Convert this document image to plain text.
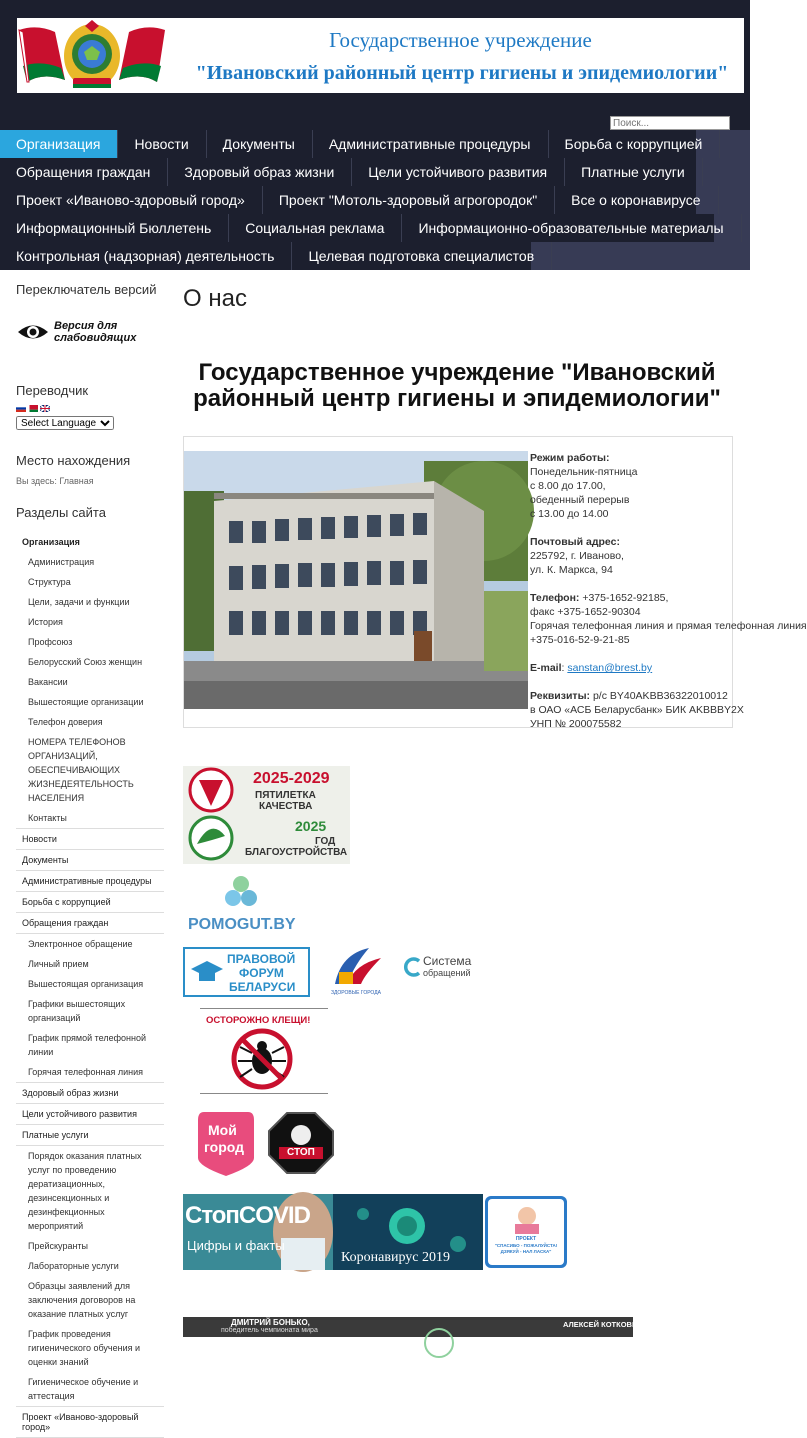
Государственное учреждение
"Ивановский районный центр гигиены и эпидемиологии"
Поиск...
Организация	Новости	Документы	Административные процедуры	Борьба с коррупцией
Обращения граждан	Здоровый образ жизни	Цели устойчивого развития	Платные услуги
Проект «Иваново-здоровый город»	Проект "Мотоль-здоровый агрогородок"	Все о коронавирусе
Информационный Бюллетень	Социальная реклама	Информационно-образовательные материалы
Контрольная (надзорная) деятельность	Целевая подготовка специалистов
Переключатель версий
Версия для слабовидящих
Переводчик
Select Language
Место нахождения
Вы здесь: Главная
Разделы сайта
Организация
Администрация
Структура
Цели, задачи и функции
История
Профсоюз
Белорусский Союз женщин
Вакансии
Вышестоящие организации
Телефон доверия
НОМЕРА ТЕЛЕФОНОВ ОРГАНИЗАЦИЙ, ОБЕСПЕЧИВАЮЩИХ ЖИЗНЕДЕЯТЕЛЬНОСТЬ НАСЕЛЕНИЯ
Контакты
Новости
Документы
Административные процедуры
Борьба с коррупцией
Обращения граждан
Электронное обращение
Личный прием
Вышестоящая организация
Графики вышестоящих организаций
График прямой телефонной линии
Горячая телефонная линия
Здоровый образ жизни
Цели устойчивого развития
Платные услуги
Порядок оказания платных услуг по проведению дератизационных, дезинсекционных и дезинфекционных мероприятий
Прейскуранты
Лабораторные услуги
Образцы заявлений для заключения договоров на оказание платных услуг
График проведения гигиенического обучения и оценки знаний
Гигиеническое обучение и аттестация
Проект «Иваново-здоровый город»
О нас
Государственное учреждение "Ивановский районный центр гигиены и эпидемиологии"
Режим работы:
Понедельник-пятница
с 8.00 до 17.00,
обеденный перерыв
с 13.00 до 14.00
Почтовый адрес:
225792, г. Иваново,
ул. К. Маркса, 94
Телефон: +375-1652-92185,
факс +375-1652-90304
Горячая телефонная линия и прямая телефонная линия
+375-016-52-9-21-85
E-mail: sanstan@brest.by
Реквизиты: р/с BY40AKBB36322010012
в ОАО «АСБ Беларусбанк» БИК AKBBBY2X
УНП № 200075582
2025-2029
ПЯТИЛЕТКА
КАЧЕСТВА
2025
ГОД
БЛАГОУСТРОЙСТВА
POMOGUT.BY
ПРАВОВОЙ
ФОРУМ
БЕЛАРУСИ	ЗДОРОВЫЕ ГОРОДА
Система
обращений
ОСТОРОЖНО КЛЕЩИ!
Мой
город	СТОП
СтопCOVID
Цифры и факты
Коронавирус 2019
ПРОЕКТ
"СПАСИБО - ПОЖАЛУЙСТА! ДЗЯКУЙ - НАЛ ЛАСКА"
ДМИТРИЙ БОНЬКО,
победитель чемпионата мира
АЛЕКСЕЙ КОТКОВЕЦ,
